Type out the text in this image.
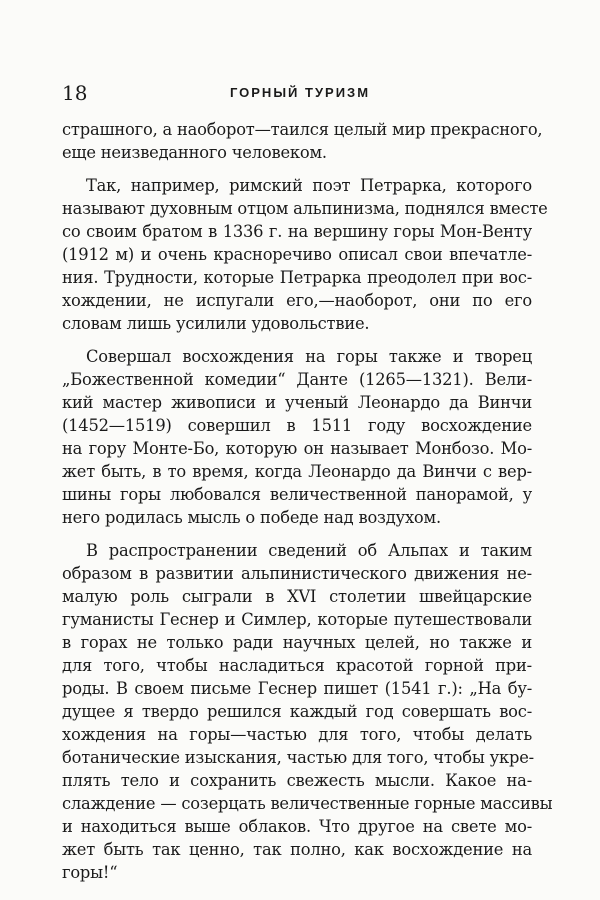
18	ГОРНЫЙ ТУРИЗМ
страшного, а наоборот—таился целый мир прекрасного,
еще неизведанного человеком.
Так, например, римский поэт Петрарка, которого
называют духовным отцом альпинизма, поднялся вместе
со своим братом в 1336 г. на вершину горы Мон-Венту
(1912 м) и очень красноречиво описал свои впечатле-
ния. Трудности, которые Петрарка преодолел при вос-
хождении, не испугали его,—наоборот, они по его
словам лишь усилили удовольствие.
Совершал восхождения на горы также и творец
„Божественной комедии“ Данте (1265—1321). Вели-
кий мастер живописи и ученый Леонардо да Винчи
(1452—1519) совершил в 1511 году восхождение
на гору Монте-Бо, которую он называет Монбозо. Мо-
жет быть, в то время, когда Леонардо да Винчи с вер-
шины горы любовался величественной панорамой, у
него родилась мысль о победе над воздухом.
В распространении сведений об Альпах и таким
образом в развитии альпинистического движения не-
малую роль сыграли в XVI столетии швейцарские
гуманисты Геснер и Симлер, которые путешествовали
в горах не только ради научных целей, но также и
для того, чтобы насладиться красотой горной при-
роды. В своем письме Геснер пишет (1541 г.): „На бу-
дущее я твердо решился каждый год совершать вос-
хождения на горы—частью для того, чтобы делать
ботанические изыскания, частью для того, чтобы укре-
плять тело и сохранить свежесть мысли. Какое на-
слаждение — созерцать величественные горные массивы
и находиться выше облаков. Что другое на свете мо-
жет быть так ценно, так полно, как восхождение на
горы!“
